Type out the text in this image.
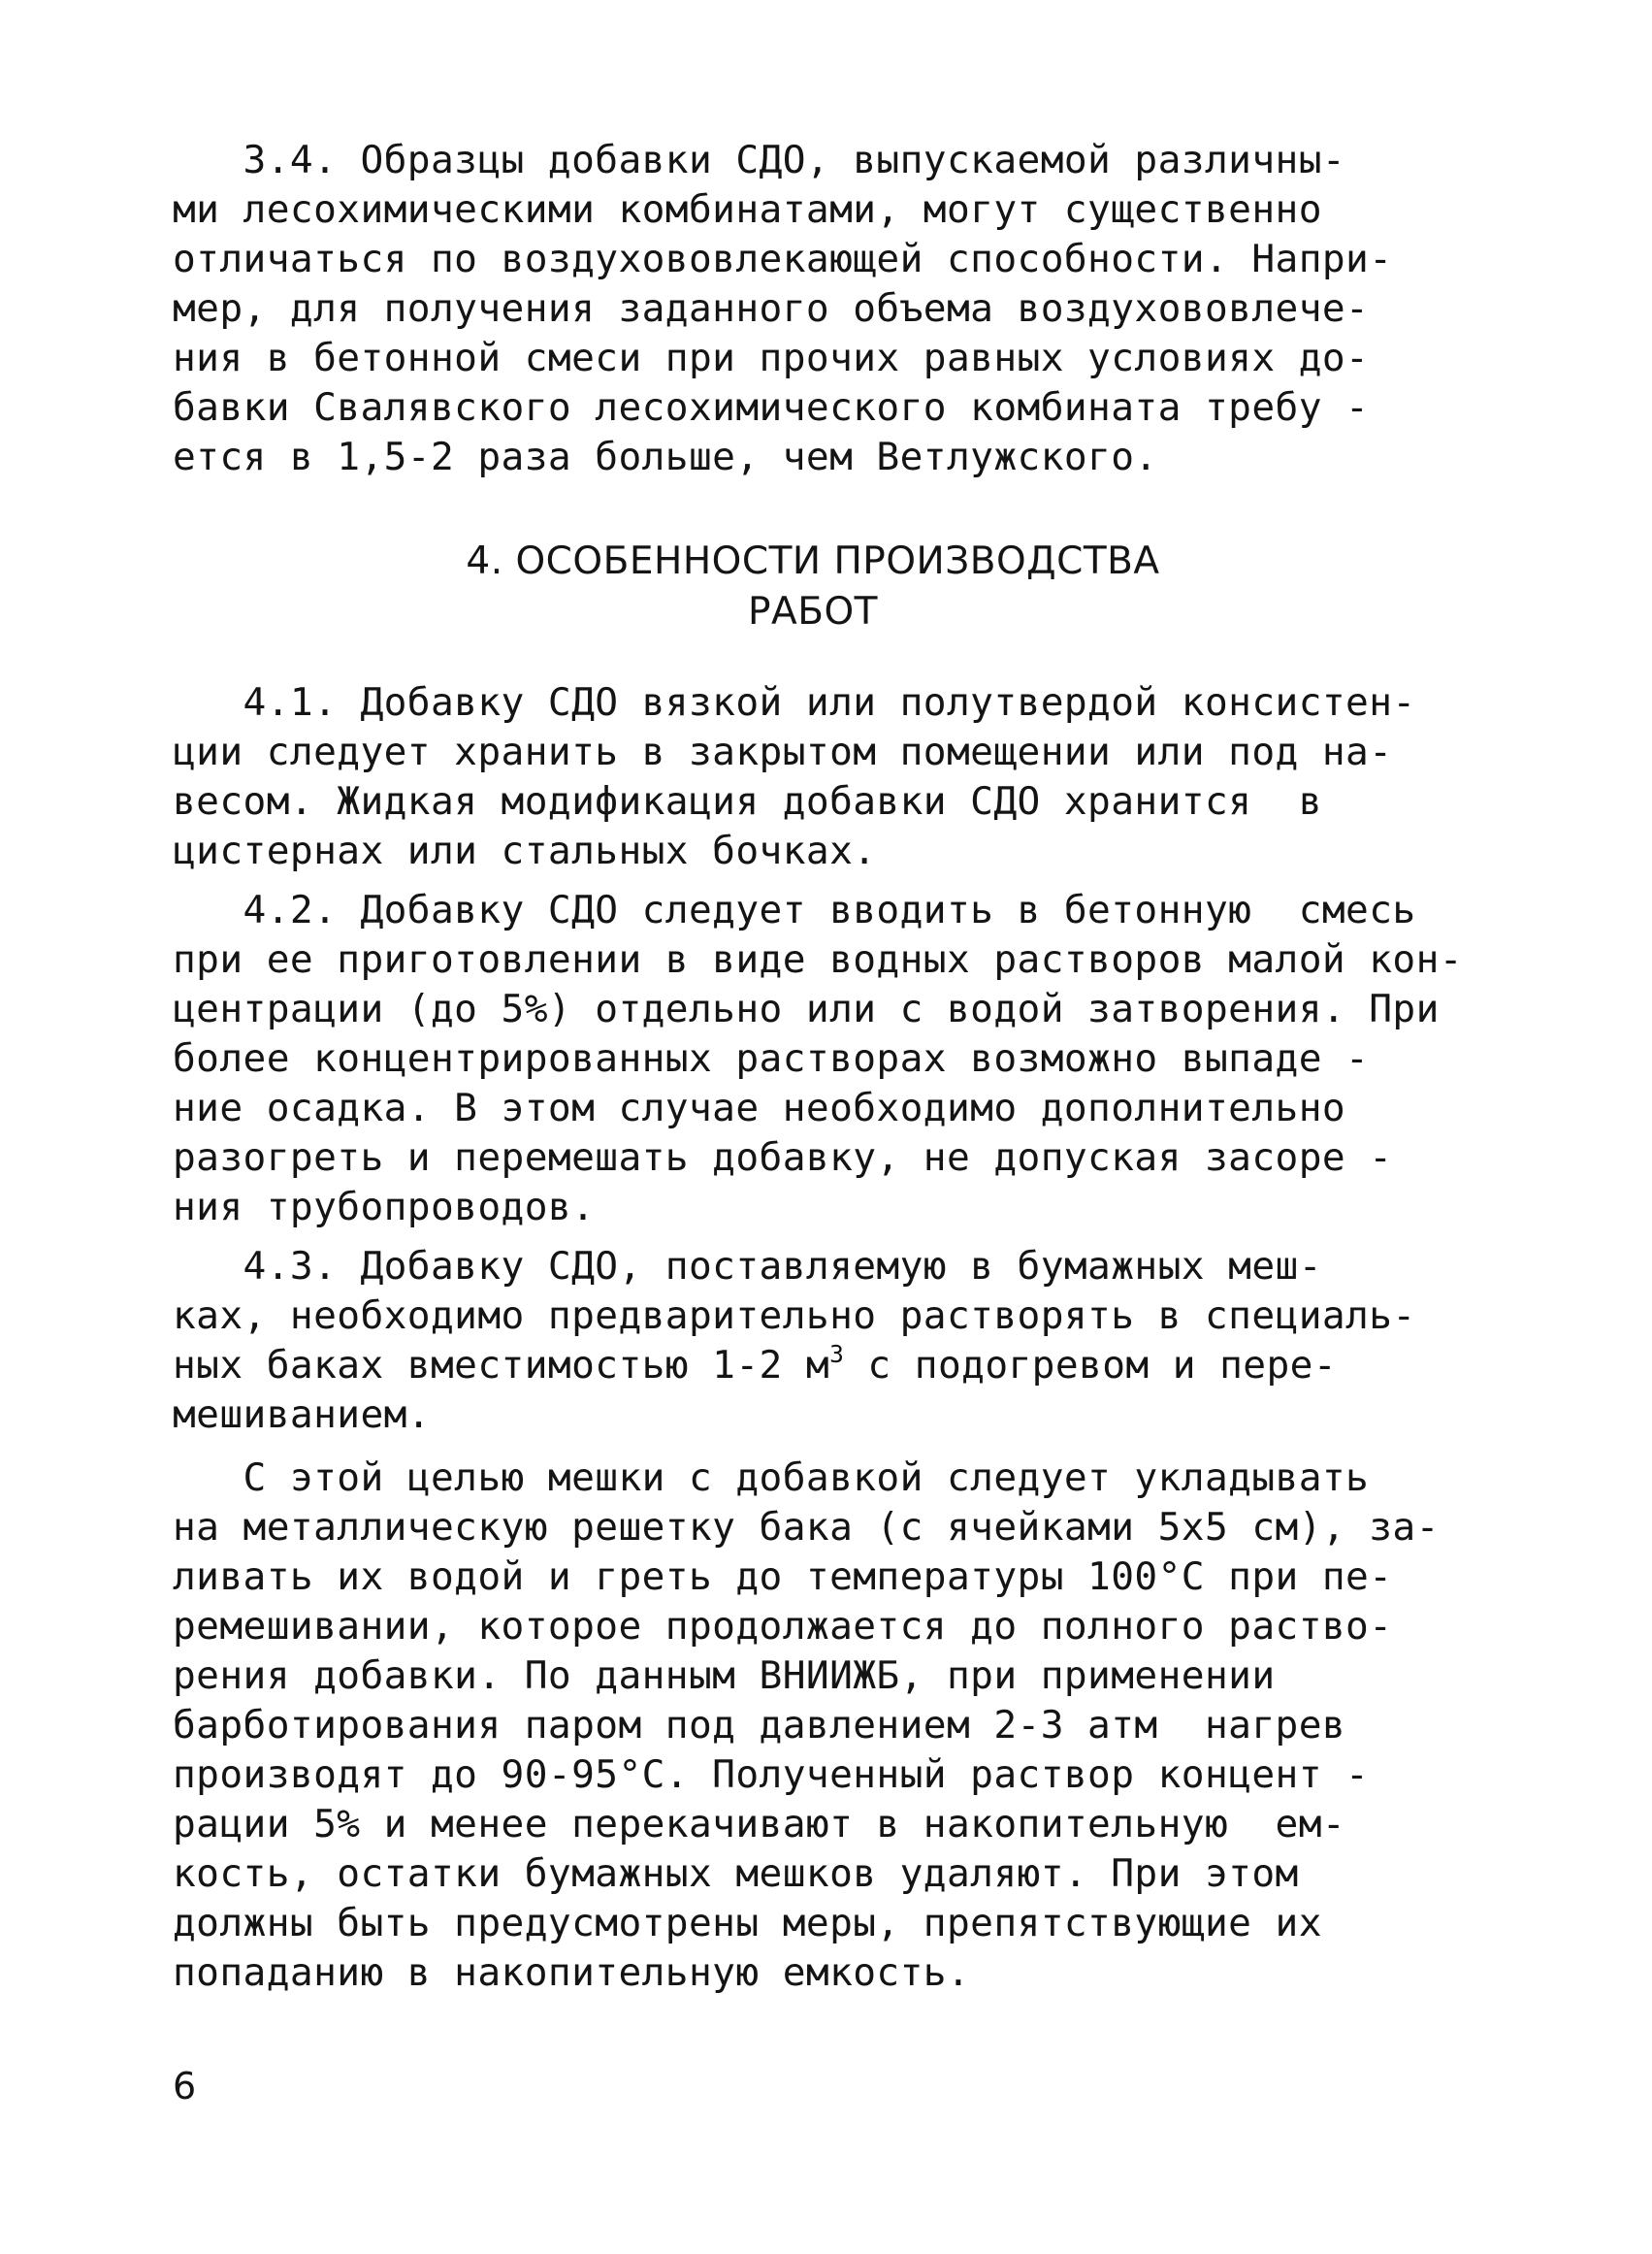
3.4. Образцы добавки СДО, выпускаемой различны-
ми лесохимическими комбинатами, могут существенно
отличаться по воздухововлекающей способности. Напри-
мер, для получения заданного объема воздухововлече-
ния в бетонной смеси при прочих равных условиях до-
бавки Свалявского лесохимического комбината требу -
ется в 1,5-2 раза больше, чем Ветлужского.
4. ОСОБЕННОСТИ ПРОИЗВОДСТВА
РАБОТ
4.1. Добавку СДО вязкой или полутвердой консистен-
ции следует хранить в закрытом помещении или под на-
весом. Жидкая модификация добавки СДО хранится  в
цистернах или стальных бочках.
4.2. Добавку СДО следует вводить в бетонную  смесь
при ее приготовлении в виде водных растворов малой кон-
центрации (до 5%) отдельно или с водой затворения. При
более концентрированных растворах возможно выпаде -
ние осадка. В этом случае необходимо дополнительно
разогреть и перемешать добавку, не допуская засоре -
ния трубопроводов.
4.3. Добавку СДО, поставляемую в бумажных меш-
ках, необходимо предварительно растворять в специаль-
ных баках вместимостью 1-2 $м^3$ с подогревом и пере-
мешиванием.
С этой целью мешки с добавкой следует укладывать
на металлическую решетку бака (с ячейками 5х5 см), за-
ливать их водой и греть до температуры 100°С при пе-
ремешивании, которое продолжается до полного раство-
рения добавки. По данным ВНИИЖБ, при применении
барботирования паром под давлением 2-3 атм  нагрев
производят до 90-95°С. Полученный раствор концент -
рации 5% и менее перекачивают в накопительную  ем-
кость, остатки бумажных мешков удаляют. При этом
должны быть предусмотрены меры, препятствующие их
попаданию в накопительную емкость.
6
